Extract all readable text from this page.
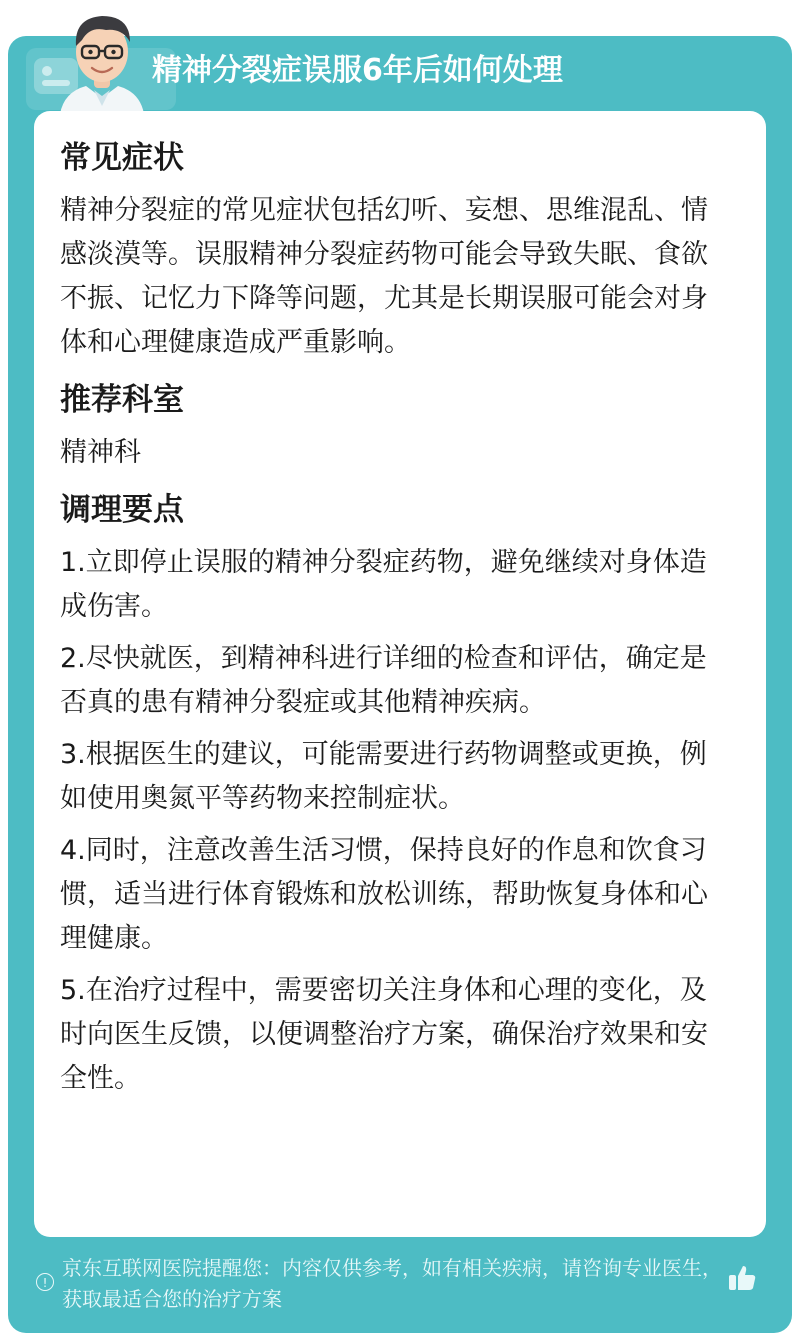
精神分裂症误服6年后如何处理

常见症状

精神分裂症的常见症状包括幻听、妄想、思维混乱、情感淡漠等。误服精神分裂症药物可能会导致失眠、食欲不振、记忆力下降等问题，尤其是长期误服可能会对身体和心理健康造成严重影响。

推荐科室

精神科

调理要点

1.立即停止误服的精神分裂症药物，避免继续对身体造成伤害。

2.尽快就医，到精神科进行详细的检查和评估，确定是否真的患有精神分裂症或其他精神疾病。

3.根据医生的建议，可能需要进行药物调整或更换，例如使用奥氮平等药物来控制症状。

4.同时，注意改善生活习惯，保持良好的作息和饮食习惯，适当进行体育锻炼和放松训练，帮助恢复身体和心理健康。

5.在治疗过程中，需要密切关注身体和心理的变化，及时向医生反馈，以便调整治疗方案，确保治疗效果和安全性。

!
京东互联网医院提醒您：内容仅供参考，如有相关疾病，请咨询专业医生，获取最适合您的治疗方案
